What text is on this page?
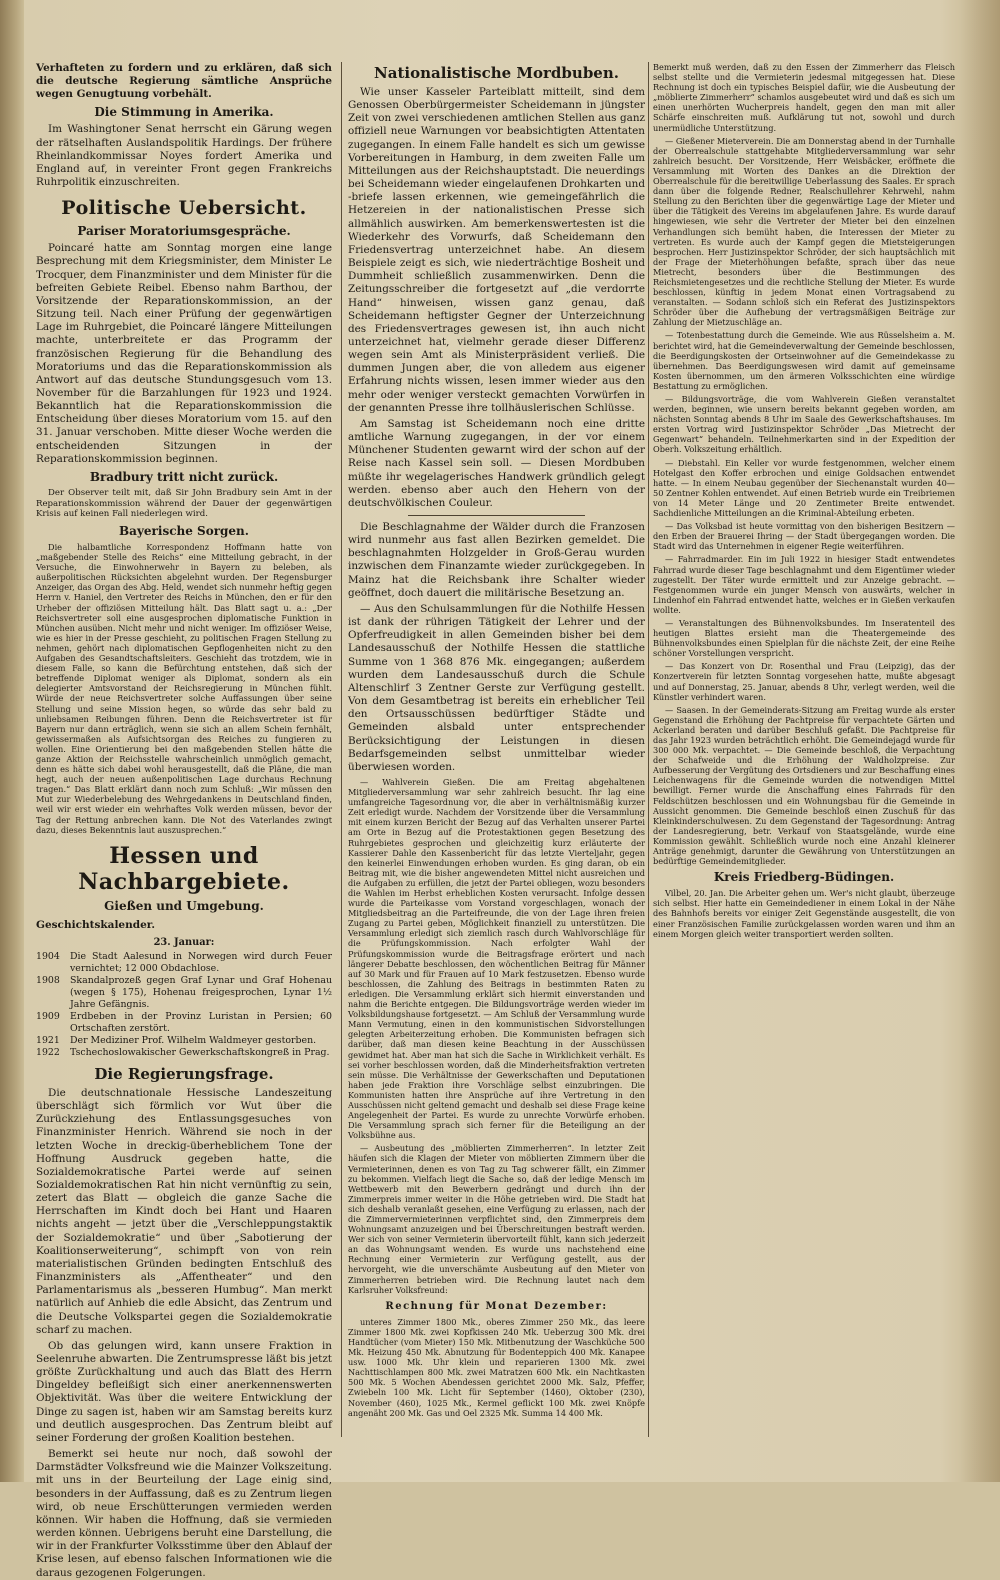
Verhafteten zu fordern und zu erklären, daß sich die deutsche Regierung sämtliche Ansprüche wegen Genugtuung vorbehält.

Die Stimmung in Amerika.

Im Washingtoner Senat herrscht ein Gärung wegen der rätselhaften Auslandspolitik Hardings. Der frühere Rheinlandkommissar Noyes fordert Amerika und England auf, in vereinter Front gegen Frankreichs Ruhrpolitik einzuschreiten.

Politische Uebersicht.
Pariser Moratoriumsgespräche.

Poincaré hatte am Sonntag morgen eine lange Besprechung mit dem Kriegsminister, dem Minister Le Trocquer, dem Finanzminister und dem Minister für die befreiten Gebiete Reibel. Ebenso nahm Barthou, der Vorsitzende der Reparationskommission, an der Sitzung teil. Nach einer Prüfung der gegenwärtigen Lage im Ruhrgebiet, die Poincaré längere Mitteilungen machte, unterbreitete er das Programm der französischen Regierung für die Behandlung des Moratoriums und das die Reparationskommission als Antwort auf das deutsche Stundungsgesuch vom 13. November für die Barzahlungen für 1923 und 1924. Bekanntlich hat die Reparationskommission die Entscheidung über dieses Moratorium vom 15. auf den 31. Januar verschoben. Mitte dieser Woche werden die entscheidenden Sitzungen in der Reparationskommission beginnen.

Bradbury tritt nicht zurück.

Der Observer teilt mit, daß Sir John Bradbury sein Amt in der Reparationskommission während der Dauer der gegenwärtigen Krisis auf keinen Fall niederlegen wird.

Bayerische Sorgen.

Die halbamtliche Korrespondenz Hoffmann hatte von „maßgebender Stelle des Reichs“ eine Mitteilung gebracht, in der Versuche, die Einwohnerwehr in Bayern zu beleben, als außerpolitischen Rücksichten abgelehnt wurden. Der Regensburger Anzeiger, das Organ des Abg. Held, wendet sich nunmehr heftig gegen Herrn v. Haniel, den Vertreter des Reichs in München, den er für den Urheber der offiziösen Mitteilung hält. Das Blatt sagt u. a.: „Der Reichsvertreter soll eine ausgesprochen diplomatische Funktion in München ausüben. Nicht mehr und nicht weniger. Im offiziöser Weise, wie es hier in der Presse geschieht, zu politischen Fragen Stellung zu nehmen, gehört nach diplomatischen Gepflogenheiten nicht zu den Aufgaben des Gesandtschaftsleiters. Geschieht das trotzdem, wie in diesem Falle, so kann die Befürchtung entstehen, daß sich der betreffende Diplomat weniger als Diplomat, sondern als ein delegierter Amtsvorstand der Reichsregierung in München fühlt. Würde der neue Reichsvertreter solche Auffassungen über seine Stellung und seine Mission hegen, so würde das sehr bald zu unliebsamen Reibungen führen. Denn die Reichsvertreter ist für Bayern nur dann erträglich, wenn sie sich an allem Schein fernhält, gewissermaßen als Aufsichtsorgan des Reiches zu fungieren zu wollen. Eine Orientierung bei den maßgebenden Stellen hätte die ganze Aktion der Reichsstelle wahrscheinlich unmöglich gemacht, denn es hätte sich dabei wohl herausgestellt, daß die Pläne, die man hegt, auch der neuen außenpolitischen Lage durchaus Rechnung tragen.“ Das Blatt erklärt dann noch zum Schluß: „Wir müssen den Mut zur Wiederbelebung des Wehrgedankens in Deutschland finden, weil wir erst wieder ein wehrhaftes Volk werden müssen, bevor der Tag der Rettung anbrechen kann. Die Not des Vaterlandes zwingt dazu, dieses Bekenntnis laut auszusprechen.“

Hessen und Nachbargebiete.
Gießen und Umgebung.
Geschichtskalender.
23. Januar:
1904	Die Stadt Aalesund in Norwegen wird durch Feuer vernichtet; 12 000 Obdachlose.
1908	Skandalprozeß gegen Graf Lynar und Graf Hohenau (wegen § 175), Hohenau freigesprochen, Lynar 1½ Jahre Gefängnis.
1909	Erdbeben in der Provinz Luristan in Persien; 60 Ortschaften zerstört.
1921	Der Mediziner Prof. Wilhelm Waldmeyer gestorben.
1922	Tschechoslowakischer Gewerkschaftskongreß in Prag.
Die Regierungsfrage.

Die deutschnationale Hessische Landeszeitung überschlägt sich förmlich vor Wut über die Zurückziehung des Entlassungsgesuches von Finanzminister Henrich. Während sie noch in der letzten Woche in dreckig-überheblichem Tone der Hoffnung Ausdruck gegeben hatte, die Sozialdemokratische Partei werde auf seinen Sozialdemokratischen Rat hin nicht vernünftig zu sein, zetert das Blatt — obgleich die ganze Sache die Herrschaften im Kindt doch bei Hant und Haaren nichts angeht — jetzt über die „Verschleppungstaktik der Sozialdemokratie“ und über „Sabotierung der Koalitionserweiterung“, schimpft von von rein materialistischen Gründen bedingten Entschluß des Finanzministers als „Affentheater“ und den Parlamentarismus als „besseren Humbug“. Man merkt natürlich auf Anhieb die edle Absicht, das Zentrum und die Deutsche Volkspartei gegen die Sozialdemokratie scharf zu machen.

Ob das gelungen wird, kann unsere Fraktion in Seelenruhe abwarten. Die Zentrumspresse läßt bis jetzt größte Zurückhaltung und auch das Blatt des Herrn Dingeldey befleißigt sich einer anerkennenswerten Objektivität. Was über die weitere Entwicklung der Dinge zu sagen ist, haben wir am Samstag bereits kurz und deutlich ausgesprochen. Das Zentrum bleibt auf seiner Forderung der großen Koalition bestehen.

Bemerkt sei heute nur noch, daß sowohl der Darmstädter Volksfreund wie die Mainzer Volkszeitung. mit uns in der Beurteilung der Lage einig sind, besonders in der Auffassung, daß es zu Zentrum liegen wird, ob neue Erschütterungen vermieden werden können. Wir haben die Hoffnung, daß sie vermieden werden können. Uebrigens beruht eine Darstellung, die wir in der Frankfurter Volksstimme über den Ablauf der Krise lesen, auf ebenso falschen Informationen wie die daraus gezogenen Folgerungen.

Nationalistische Mordbuben.

Wie unser Kasseler Parteiblatt mitteilt, sind dem Genossen Oberbürgermeister Scheidemann in jüngster Zeit von zwei verschiedenen amtlichen Stellen aus ganz offiziell neue Warnungen vor beabsichtigten Attentaten zugegangen. In einem Falle handelt es sich um gewisse Vorbereitungen in Hamburg, in dem zweiten Falle um Mitteilungen aus der Reichshauptstadt. Die neuerdings bei Scheidemann wieder eingelaufenen Drohkarten und -briefe lassen erkennen, wie gemeingefährlich die Hetzereien in der nationalistischen Presse sich allmählich auswirken. Am bemerkenswertesten ist die Wiederkehr des Vorwurfs, daß Scheidemann den Friedensvertrag unterzeichnet habe. An diesem Beispiele zeigt es sich, wie niederträchtige Bosheit und Dummheit schließlich zusammenwirken. Denn die Zeitungsschreiber die fortgesetzt auf „die verdorrte Hand“ hinweisen, wissen ganz genau, daß Scheidemann heftigster Gegner der Unterzeichnung des Friedensvertrages gewesen ist, ihn auch nicht unterzeichnet hat, vielmehr gerade dieser Differenz wegen sein Amt als Ministerpräsident verließ. Die dummen Jungen aber, die von alledem aus eigener Erfahrung nichts wissen, lesen immer wieder aus den mehr oder weniger versteckt gemachten Vorwürfen in der genannten Presse ihre tollhäuslerischen Schlüsse.

Am Samstag ist Scheidemann noch eine dritte amtliche Warnung zugegangen, in der vor einem Münchener Studenten gewarnt wird der schon auf der Reise nach Kassel sein soll. — Diesen Mordbuben müßte ihr wegelagerisches Handwerk gründlich gelegt werden. ebenso aber auch den Hehern von der deutschvölkischen Couleur.

Die Beschlagnahme der Wälder durch die Franzosen wird nunmehr aus fast allen Bezirken gemeldet. Die beschlagnahmten Holzgelder in Groß-Gerau wurden inzwischen dem Finanzamte wieder zurückgegeben. In Mainz hat die Reichsbank ihre Schalter wieder geöffnet, doch dauert die militärische Besetzung an.

— Aus den Schulsammlungen für die Nothilfe Hessen ist dank der rührigen Tätigkeit der Lehrer und der Opferfreudigkeit in allen Gemeinden bisher bei dem Landesausschuß der Nothilfe Hessen die stattliche Summe von 1 368 876 Mk. eingegangen; außerdem wurden dem Landesausschuß durch die Schule Altenschlirf 3 Zentner Gerste zur Verfügung gestellt. Von dem Gesamtbetrag ist bereits ein erheblicher Teil den Ortsausschüssen bedürftiger Städte und Gemeinden alsbald unter entsprechender Berücksichtigung der Leistungen in diesen Bedarfsgemeinden selbst unmittelbar wieder überwiesen worden.

— Wahlverein Gießen. Die am Freitag abgehaltenen Mitgliederversammlung war sehr zahlreich besucht. Ihr lag eine umfangreiche Tagesordnung vor, die aber in verhältnismäßig kurzer Zeit erledigt wurde. Nachdem der Vorsitzende über die Versammlung mit einem kurzen Bericht der Bezug auf das Verhalten unserer Partei am Orte in Bezug auf die Protestaktionen gegen Besetzung des Ruhrgebietes gesprochen und gleichzeitig kurz erläuterte der Kassierer Dahle den Kassenbericht für das letzte Vierteljahr, gegen den keinerlei Einwendungen erhoben wurden. Es ging daran, ob ein Beitrag mit, wie die bisher angewendeten Mittel nicht ausreichen und die Aufgaben zu erfüllen, die jetzt der Partei obliegen, wozu besonders die Wahlen im Herbst erheblichen Kosten verursacht. Infolge dessen wurde die Parteikasse vom Vorstand vorgeschlagen, wonach der Mitgliedsbeitrag an die Parteifreunde, die von der Lage ihren freien Zugang zu Partei geben, Möglichkeit finanziell zu unterstützen. Die Versammlung erledigt sich ziemlich rasch durch Wahlvorschläge für die Prüfungskommission. Nach erfolgter Wahl der Prüfungskommission wurde die Beitragsfrage erörtert und nach längerer Debatte beschlossen, den wöchentlichen Beitrag für Männer auf 30 Mark und für Frauen auf 10 Mark festzusetzen. Ebenso wurde beschlossen, die Zahlung des Beitrags in bestimmten Raten zu erledigen. Die Versammlung erklärt sich hiermit einverstanden und nahm die Berichte entgegen. Die Bildungsvorträge werden wieder im Volksbildungshause fortgesetzt. — Am Schluß der Versammlung wurde Mann Vermutung, einen in den kommunistischen Sidvorstellungen gelegten Arbeiterzeitung erhoben. Die Kommunisten befragen sich darüber, daß man diesen keine Beachtung in der Ausschüssen gewidmet hat. Aber man hat sich die Sache in Wirklichkeit verhält. Es sei vorher beschlossen worden, daß die Minderheitsfraktion vertreten sein müsse. Die Verhältnisse der Gewerkschaften und Deputationen haben jede Fraktion ihre Vorschläge selbst einzubringen. Die Kommunisten hatten ihre Ansprüche auf ihre Vertretung in den Ausschüssen nicht geltend gemacht und deshalb sei diese Frage keine Angelegenheit der Partei. Es wurde zu unrechte Vorwürfe erhoben. Die Versammlung sprach sich ferner für die Beteiligung an der Volksbühne aus.

— Ausbeutung des „möblierten Zimmerherren“. In letzter Zeit häufen sich die Klagen der Mieter von möblierten Zimmern über die Vermieterinnen, denen es von Tag zu Tag schwerer fällt, ein Zimmer zu bekommen. Vielfach liegt die Sache so, daß der ledige Mensch im Wettbewerb mit den Bewerbern gedrängt und durch ihn der Zimmerpreis immer weiter in die Höhe getrieben wird. Die Stadt hat sich deshalb veranlaßt gesehen, eine Verfügung zu erlassen, nach der die Zimmervermieterinnen verpflichtet sind, den Zimmerpreis dem Wohnungsamt anzuzeigen und bei Überschreitungen bestraft werden. Wer sich von seiner Vermieterin übervorteilt fühlt, kann sich jederzeit an das Wohnungsamt wenden. Es wurde uns nachstehend eine Rechnung einer Vermieterin zur Verfügung gestellt, aus der hervorgeht, wie die unverschämte Ausbeutung auf den Mieter von Zimmerherren betrieben wird. Die Rechnung lautet nach dem Karlsruher Volksfreund:

Rechnung für Monat Dezember:

unteres Zimmer 1800 Mk., oberes Zimmer 250 Mk., das leere Zimmer 1800 Mk. zwei Kopfkissen 240 Mk. Ueberzug 300 Mk. drei Handtücher (vom Mieter) 150 Mk. Mitbenutzung der Waschküche 500 Mk. Heizung 450 Mk. Abnutzung für Bodenteppich 400 Mk. Kanapee usw. 1000 Mk. Uhr klein und reparieren 1300 Mk. zwei Nachttischlampen 800 Mk. zwei Matratzen 600 Mk. ein Nachtkasten 500 Mk. 5 Wochen Abendessen gerichtet 2000 Mk. Salz, Pfeffer, Zwiebeln 100 Mk. Licht für September (1460), Oktober (230), November (460), 1025 Mk., Kermel geflickt 100 Mk. zwei Knöpfe angenäht 200 Mk. Gas und Oel 2325 Mk. Summa 14 400 Mk.

Bemerkt muß werden, daß zu den Essen der Zimmerherr das Fleisch selbst stellte und die Vermieterin jedesmal mitgegessen hat. Diese Rechnung ist doch ein typisches Beispiel dafür, wie die Ausbeutung der „möblierte Zimmerherr“ schamlos ausgebeutet wird und daß es sich um einen unerhörten Wucherpreis handelt, gegen den man mit aller Schärfe einschreiten muß. Aufklärung tut not, sowohl und durch unermüdliche Unterstützung.

— Gießener Mieterverein. Die am Donnerstag abend in der Turnhalle der Oberrealschule stattgehabte Mitgliederversammlung war sehr zahlreich besucht. Der Vorsitzende, Herr Weisbäcker, eröffnete die Versammlung mit Worten des Dankes an die Direktion der Oberrealschule für die bereitwillige Ueberlassung des Saales. Er sprach dann über die folgende Redner, Realschullehrer Kehrwehl, nahm Stellung zu den Berichten über die gegenwärtige Lage der Mieter und über die Tätigkeit des Vereins im abgelaufenen Jahre. Es wurde darauf hingewiesen, wie sehr die Vertreter der Mieter bei den einzelnen Verhandlungen sich bemüht haben, die Interessen der Mieter zu vertreten. Es wurde auch der Kampf gegen die Mietsteigerungen besprochen. Herr Justizinspektor Schröder, der sich hauptsächlich mit der Frage der Mieterhöhungen befaßte, sprach über das neue Mietrecht, besonders über die Bestimmungen des Reichsmietengesetzes und die rechtliche Stellung der Mieter. Es wurde beschlossen, künftig in jedem Monat einen Vortragsabend zu veranstalten. — Sodann schloß sich ein Referat des Justizinspektors Schröder über die Aufhebung der vertragsmäßigen Beiträge zur Zahlung der Mietzuschläge an.

— Totenbestattung durch die Gemeinde. Wie aus Rüsselsheim a. M. berichtet wird, hat die Gemeindeverwaltung der Gemeinde beschlossen, die Beerdigungskosten der Ortseinwohner auf die Gemeindekasse zu übernehmen. Das Beerdigungswesen wird damit auf gemeinsame Kosten übernommen, um den ärmeren Volksschichten eine würdige Bestattung zu ermöglichen.

— Bildungsvorträge, die vom Wahlverein Gießen veranstaltet werden, beginnen, wie unsern bereits bekannt gegeben worden, am nächsten Sonntag abends 8 Uhr im Saale des Gewerkschaftshauses. Im ersten Vortrag wird Justizinspektor Schröder „Das Mietrecht der Gegenwart“ behandeln. Teilnehmerkarten sind in der Expedition der Oberh. Volkszeitung erhältlich.

— Diebstahl. Ein Keller vor wurde festgenommen, welcher einem Hotelgast den Koffer erbrochen und einige Goldsachen entwendet hatte. — In einem Neubau gegenüber der Siechenanstalt wurden 40—50 Zentner Kohlen entwendet. Auf einen Betrieb wurde ein Treibriemen von 14 Meter Länge und 20 Zentimeter Breite entwendet. Sachdienliche Mitteilungen an die Kriminal-Abteilung erbeten.

— Das Volksbad ist heute vormittag von den bisherigen Besitzern — den Erben der Brauerei Ihring — der Stadt übergegangen worden. Die Stadt wird das Unternehmen in eigener Regie weiterführen.

— Fahrradmarder. Ein im Juli 1922 in hiesiger Stadt entwendetes Fahrrad wurde dieser Tage beschlagnahmt und dem Eigentümer wieder zugestellt. Der Täter wurde ermittelt und zur Anzeige gebracht. — Festgenommen wurde ein junger Mensch von auswärts, welcher in Lindenhof ein Fahrrad entwendet hatte, welches er in Gießen verkaufen wollte.

— Veranstaltungen des Bühnenvolksbundes. Im Inseratenteil des heutigen Blattes ersieht man die Theatergemeinde des Bühnenvolksbundes einen Spielplan für die nächste Zeit, der eine Reihe schöner Vorstellungen verspricht.

— Das Konzert von Dr. Rosenthal und Frau (Leipzig), das der Konzertverein für letzten Sonntag vorgesehen hatte, mußte abgesagt und auf Donnerstag, 25. Januar, abends 8 Uhr, verlegt werden, weil die Künstler verhindert waren.

— Saasen. In der Gemeinderats-Sitzung am Freitag wurde als erster Gegenstand die Erhöhung der Pachtpreise für verpachtete Gärten und Ackerland beraten und darüber Beschluß gefaßt. Die Pachtpreise für das Jahr 1923 wurden beträchtlich erhöht. Die Gemeindejagd wurde für 300 000 Mk. verpachtet. — Die Gemeinde beschloß, die Verpachtung der Schafweide und die Erhöhung der Waldholzpreise. Zur Aufbesserung der Vergütung des Ortsdieners und zur Beschaffung eines Leichenwagens für die Gemeinde wurden die notwendigen Mittel bewilligt. Ferner wurde die Anschaffung eines Fahrrads für den Feldschützen beschlossen und ein Wohnungsbau für die Gemeinde in Aussicht genommen. Die Gemeinde beschloß einen Zuschuß für das Kleinkinderschulwesen. Zu dem Gegenstand der Tagesordnung: Antrag der Landesregierung, betr. Verkauf von Staatsgelände, wurde eine Kommission gewählt. Schließlich wurde noch eine Anzahl kleinerer Anträge genehmigt, darunter die Gewährung von Unterstützungen an bedürftige Gemeindemitglieder.

Kreis Friedberg-Büdingen.

Vilbel, 20. Jan. Die Arbeiter gehen um. Wer's nicht glaubt, überzeuge sich selbst. Hier hatte ein Gemeindediener in einem Lokal in der Nähe des Bahnhofs bereits vor einiger Zeit Gegenstände ausgestellt, die von einer Französischen Familie zurückgelassen worden waren und ihm an einem Morgen gleich weiter transportiert werden sollten.
